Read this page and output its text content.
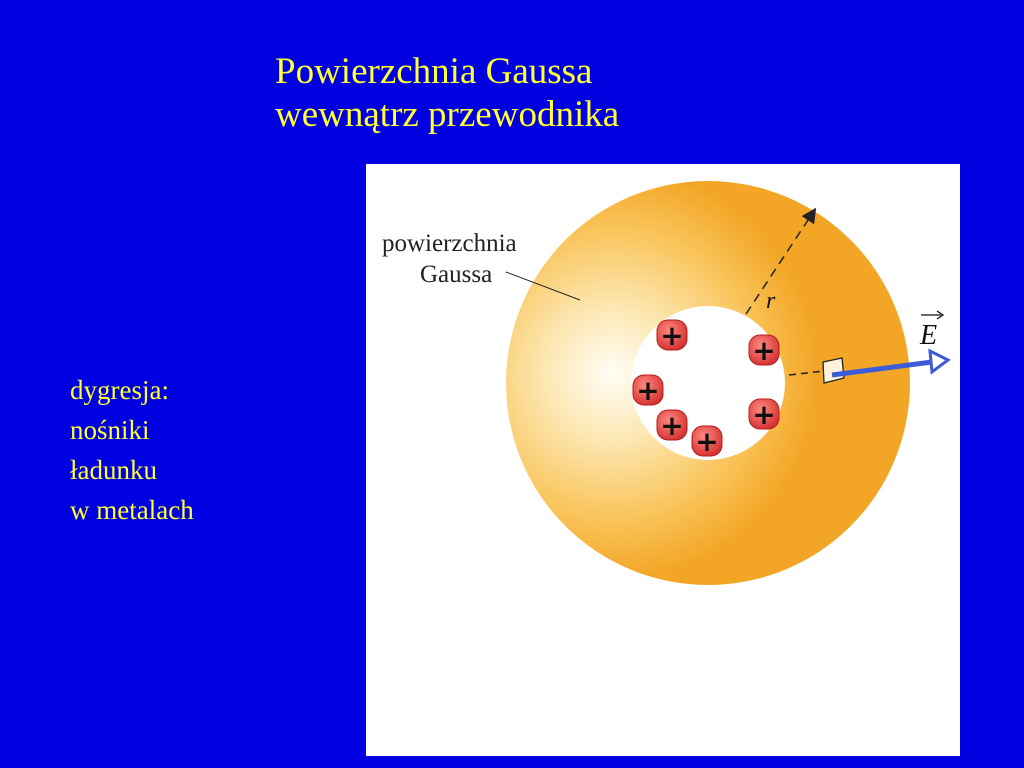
Powierzchnia Gaussa
wewnątrz przewodnika
dygresja:
nośniki
ładunku
w metalach
r
powierzchnia
Gaussa
E
+ +
+
+ +
+
